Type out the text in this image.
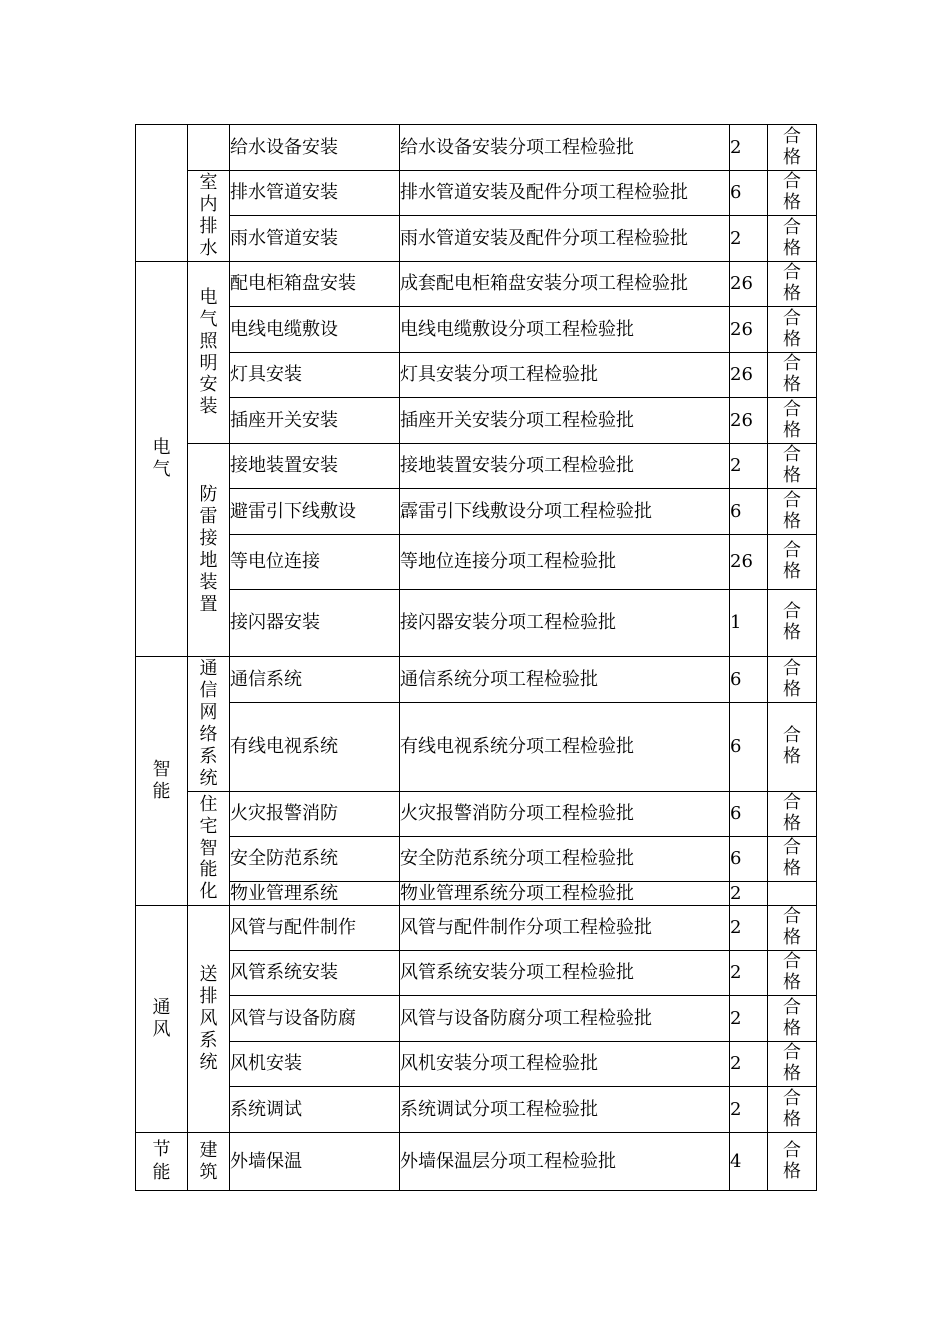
		给水设备安装	给水设备安装分项工程检验批	2	合格
	室内排水	排水管道安装	排水管道安装及配件分项工程检验批	6	合格
		雨水管道安装	雨水管道安装及配件分项工程检验批	2	合格
电气	电气照明安装	配电柜箱盘安装	成套配电柜箱盘安装分项工程检验批	26	合格
		电线电缆敷设	电线电缆敷设分项工程检验批	26	合格
		灯具安装	灯具安装分项工程检验批	26	合格
		插座开关安装	插座开关安装分项工程检验批	26	合格
	防雷接地装置	接地装置安装	接地装置安装分项工程检验批	2	合格
		避雷引下线敷设	霹雷引下线敷设分项工程检验批	6	合格
		等电位连接	等地位连接分项工程检验批	26	合格
		接闪器安装	接闪器安装分项工程检验批	1	合格
智能	通信网络系统	通信系统	通信系统分项工程检验批	6	合格
		有线电视系统	有线电视系统分项工程检验批	6	合格
	住宅智能化	火灾报警消防	火灾报警消防分项工程检验批	6	合格
		安全防范系统	安全防范系统分项工程检验批	6	合格
		物业管理系统	物业管理系统分项工程检验批	2	
通风	送排风系统	风管与配件制作	风管与配件制作分项工程检验批	2	合格
		风管系统安装	风管系统安装分项工程检验批	2	合格
		风管与设备防腐	风管与设备防腐分项工程检验批	2	合格
		风机安装	风机安装分项工程检验批	2	合格
		系统调试	系统调试分项工程检验批	2	合格
节能	建筑	外墙保温	外墙保温层分项工程检验批	4	合格
